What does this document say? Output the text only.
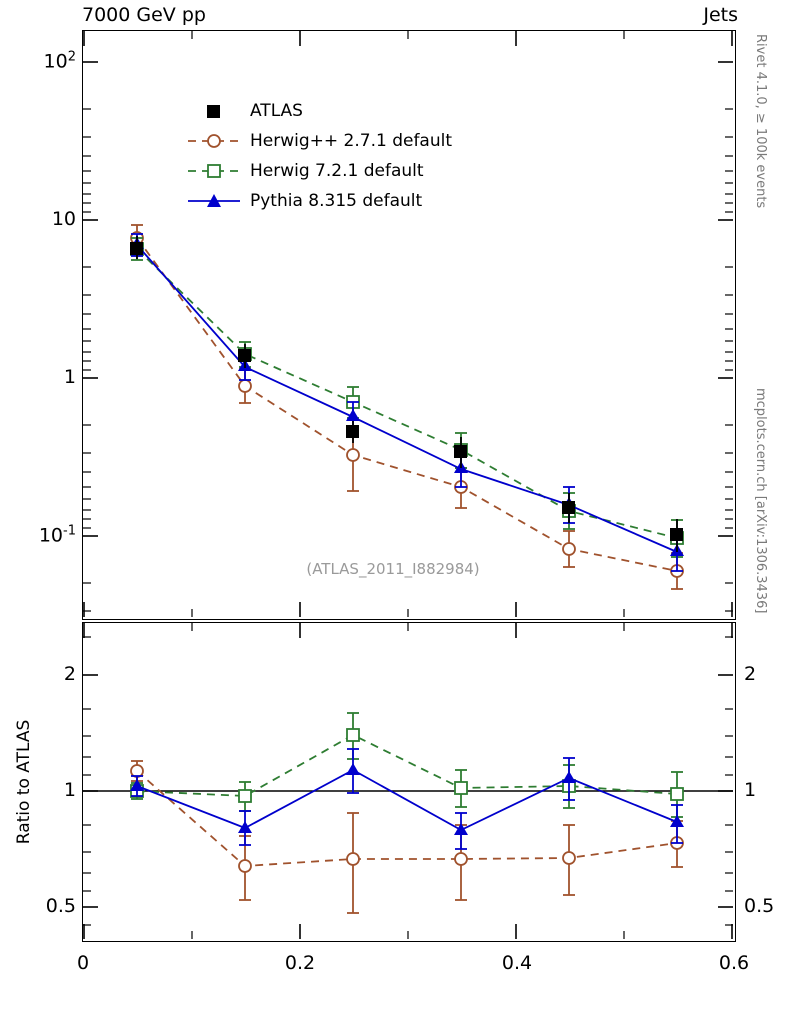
7000 GeV pp	Jets
Rivet 4.1.0, ≥ 100k events
mcplots.cern.ch [arXiv:1306.3436]
$10^2$
10
1
$10^{-1}$
(ATLAS_2011_I882984)
ATLAS
Herwig++ 2.7.1 default
Herwig 7.2.1 default
Pythia 8.315 default
2
1
0.5
2
1
0.5
Ratio to ATLAS
0	0.2	0.4	0.6
